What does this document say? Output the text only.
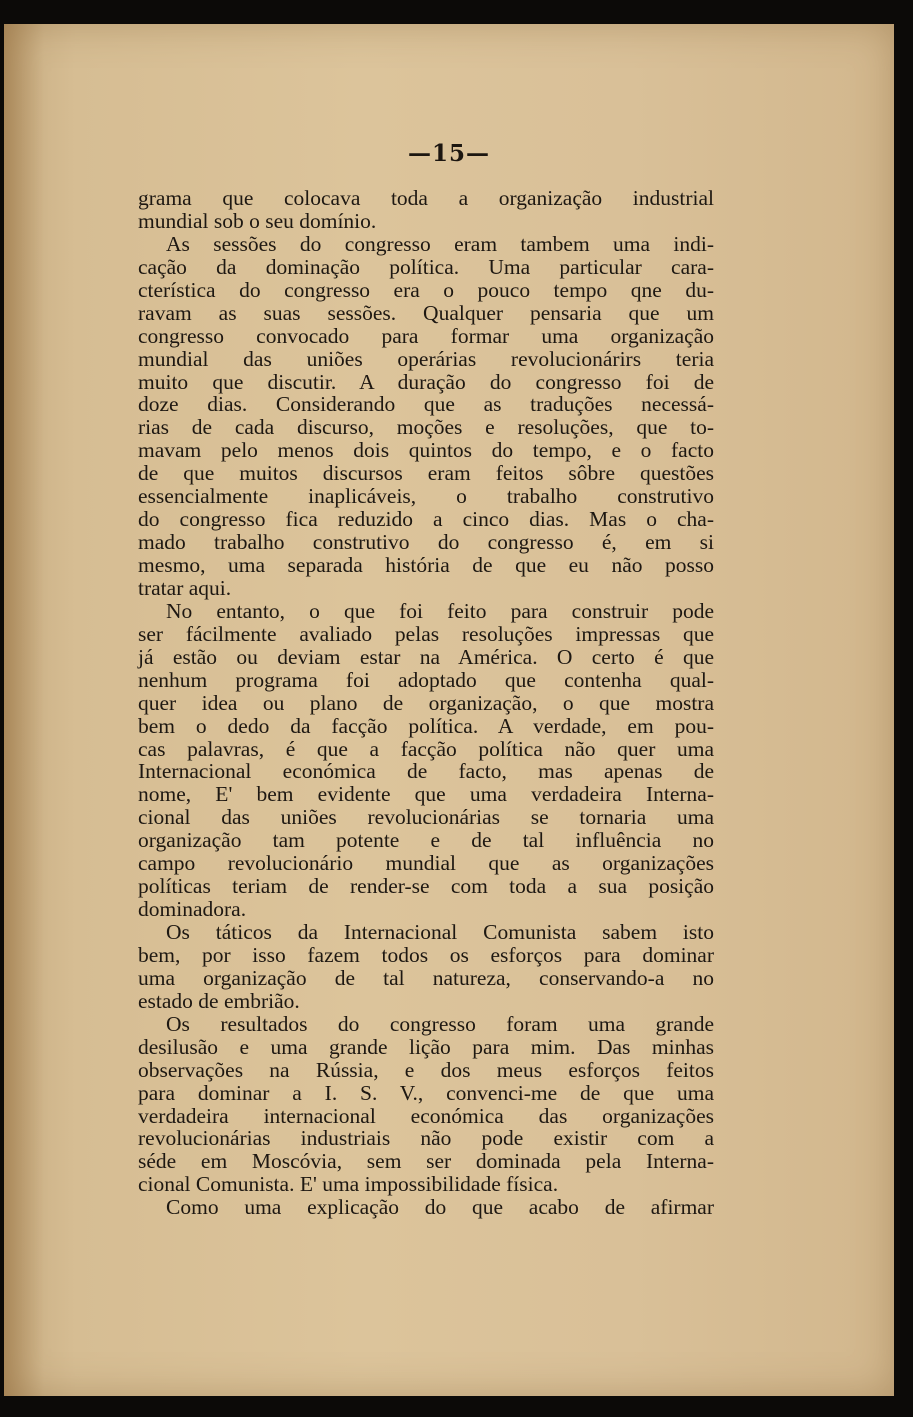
—15—

grama que colocava toda a organização industrial
mundial sob o seu domínio.
As sessões do congresso eram tambem uma indi-
cação da dominação política. Uma particular cara-
cterística do congresso era o pouco tempo qne du-
ravam as suas sessões. Qualquer pensaria que um
congresso convocado para formar uma organização
mundial das uniões operárias revolucionárirs teria
muito que discutir. A duração do congresso foi de
doze dias. Considerando que as traduções necessá-
rias de cada discurso, moções e resoluções, que to-
mavam pelo menos dois quintos do tempo, e o facto
de que muitos discursos eram feitos sôbre questões
essencialmente inaplicáveis, o trabalho construtivo
do congresso fica reduzido a cinco dias. Mas o cha-
mado trabalho construtivo do congresso é, em si
mesmo, uma separada história de que eu não posso
tratar aqui.
No entanto, o que foi feito para construir pode
ser fácilmente avaliado pelas resoluções impressas que
já estão ou deviam estar na América. O certo é que
nenhum programa foi adoptado que contenha qual-
quer idea ou plano de organização, o que mostra
bem o dedo da facção política. A verdade, em pou-
cas palavras, é que a facção política não quer uma
Internacional económica de facto, mas apenas de
nome, E' bem evidente que uma verdadeira Interna-
cional das uniões revolucionárias se tornaria uma
organização tam potente e de tal influência no
campo revolucionário mundial que as organizações
políticas teriam de render-se com toda a sua posição
dominadora.
Os táticos da Internacional Comunista sabem isto
bem, por isso fazem todos os esforços para dominar
uma organização de tal natureza, conservando-a no
estado de embrião.
Os resultados do congresso foram uma grande
desilusão e uma grande lição para mim. Das minhas
observações na Rússia, e dos meus esforços feitos
para dominar a I. S. V., convenci-me de que uma
verdadeira internacional económica das organizações
revolucionárias industriais não pode existir com a
séde em Moscóvia, sem ser dominada pela Interna-
cional Comunista. E' uma impossibilidade física.
Como uma explicação do que acabo de afirmar
